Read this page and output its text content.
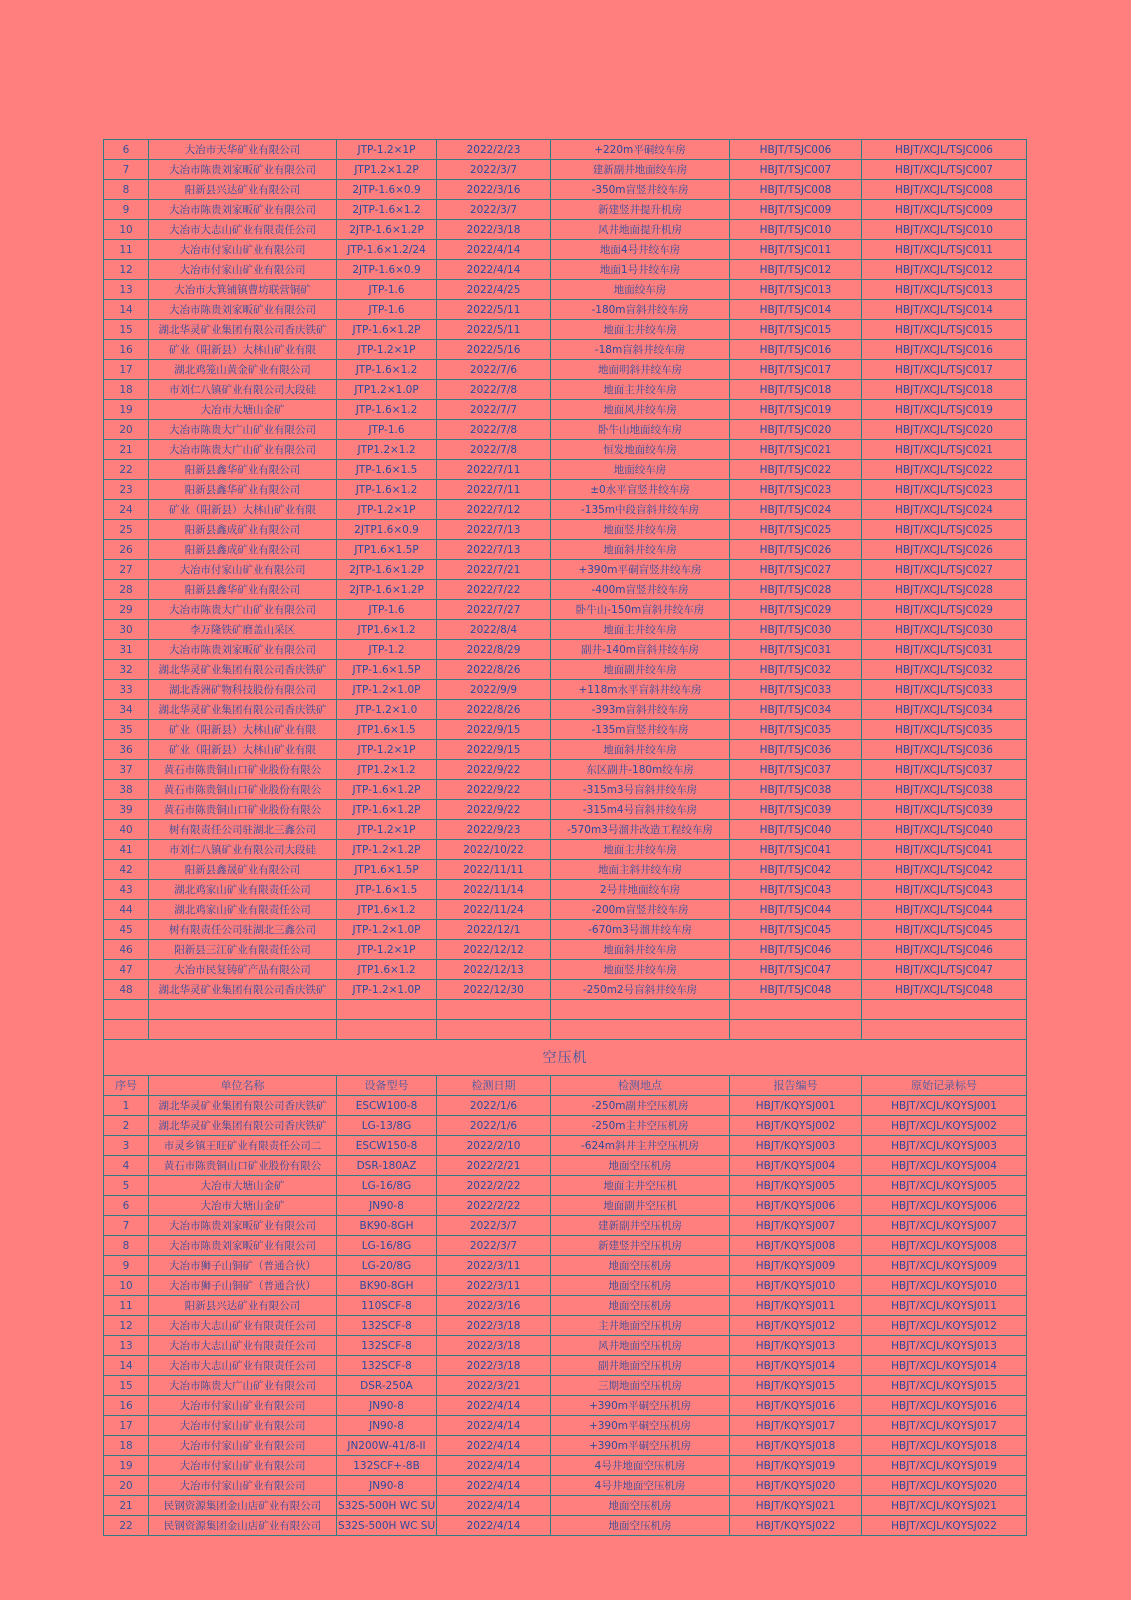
6	大冶市天华矿业有限公司	JTP-1.2×1P	2022/2/23	+220m平硐绞车房	HBJT/TSJC006	HBJT/XCJL/TSJC006
7	大冶市陈贵刘家畈矿业有限公司	JTP1.2×1.2P	2022/3/7	建新副井地面绞车房	HBJT/TSJC007	HBJT/XCJL/TSJC007
8	阳新县兴达矿业有限公司	2JTP-1.6×0.9	2022/3/16	-350m盲竖井绞车房	HBJT/TSJC008	HBJT/XCJL/TSJC008
9	大冶市陈贵刘家畈矿业有限公司	2JTP-1.6×1.2	2022/3/7	新建竖井提升机房	HBJT/TSJC009	HBJT/XCJL/TSJC009
10	大冶市大志山矿业有限责任公司	2JTP-1.6×1.2P	2022/3/18	风井地面提升机房	HBJT/TSJC010	HBJT/XCJL/TSJC010
11	大冶市付家山矿业有限公司	JTP-1.6×1.2/24	2022/4/14	地面4号井绞车房	HBJT/TSJC011	HBJT/XCJL/TSJC011
12	大冶市付家山矿业有限公司	2JTP-1.6×0.9	2022/4/14	地面1号井绞车房	HBJT/TSJC012	HBJT/XCJL/TSJC012
13	大冶市大箕铺镇曹坊联营铜矿	JTP-1.6	2022/4/25	地面绞车房	HBJT/TSJC013	HBJT/XCJL/TSJC013
14	大冶市陈贵刘家畈矿业有限公司	JTP-1.6	2022/5/11	-180m盲斜井绞车房	HBJT/TSJC014	HBJT/XCJL/TSJC014
15	湖北华灵矿业集团有限公司香庆铁矿	JTP-1.6×1.2P	2022/5/11	地面主井绞车房	HBJT/TSJC015	HBJT/XCJL/TSJC015
16	矿业（阳新县）大林山矿业有限	JTP-1.2×1P	2022/5/16	-18m盲斜井绞车房	HBJT/TSJC016	HBJT/XCJL/TSJC016
17	湖北鸡笼山黄金矿业有限公司	JTP-1.6×1.2	2022/7/6	地面明斜井绞车房	HBJT/TSJC017	HBJT/XCJL/TSJC017
18	市刘仁八镇矿业有限公司大段硅	JTP1.2×1.0P	2022/7/8	地面主井绞车房	HBJT/TSJC018	HBJT/XCJL/TSJC018
19	大冶市大塘山金矿	JTP-1.6×1.2	2022/7/7	地面风井绞车房	HBJT/TSJC019	HBJT/XCJL/TSJC019
20	大冶市陈贵大广山矿业有限公司	JTP-1.6	2022/7/8	卧牛山地面绞车房	HBJT/TSJC020	HBJT/XCJL/TSJC020
21	大冶市陈贵大广山矿业有限公司	JTP1.2×1.2	2022/7/8	恒发地面绞车房	HBJT/TSJC021	HBJT/XCJL/TSJC021
22	阳新县鑫华矿业有限公司	JTP-1.6×1.5	2022/7/11	地面绞车房	HBJT/TSJC022	HBJT/XCJL/TSJC022
23	阳新县鑫华矿业有限公司	JTP-1.6×1.2	2022/7/11	±0水平盲竖井绞车房	HBJT/TSJC023	HBJT/XCJL/TSJC023
24	矿业（阳新县）大林山矿业有限	JTP-1.2×1P	2022/7/12	-135m中段盲斜井绞车房	HBJT/TSJC024	HBJT/XCJL/TSJC024
25	阳新县鑫成矿业有限公司	2JTP1.6×0.9	2022/7/13	地面竖井绞车房	HBJT/TSJC025	HBJT/XCJL/TSJC025
26	阳新县鑫成矿业有限公司	JTP1.6×1.5P	2022/7/13	地面斜井绞车房	HBJT/TSJC026	HBJT/XCJL/TSJC026
27	大冶市付家山矿业有限公司	2JTP-1.6×1.2P	2022/7/21	+390m平硐盲竖井绞车房	HBJT/TSJC027	HBJT/XCJL/TSJC027
28	阳新县鑫华矿业有限公司	2JTP-1.6×1.2P	2022/7/22	-400m盲竖井绞车房	HBJT/TSJC028	HBJT/XCJL/TSJC028
29	大冶市陈贵大广山矿业有限公司	JTP-1.6	2022/7/27	卧牛山-150m盲斜井绞车房	HBJT/TSJC029	HBJT/XCJL/TSJC029
30	李万隆铁矿磨盖山采区	JTP1.6×1.2	2022/8/4	地面主井绞车房	HBJT/TSJC030	HBJT/XCJL/TSJC030
31	大冶市陈贵刘家畈矿业有限公司	JTP-1.2	2022/8/29	副井-140m盲斜井绞车房	HBJT/TSJC031	HBJT/XCJL/TSJC031
32	湖北华灵矿业集团有限公司香庆铁矿	JTP-1.6×1.5P	2022/8/26	地面副井绞车房	HBJT/TSJC032	HBJT/XCJL/TSJC032
33	湖北香洲矿物科技股份有限公司	JTP-1.2×1.0P	2022/9/9	+118m水平盲斜井绞车房	HBJT/TSJC033	HBJT/XCJL/TSJC033
34	湖北华灵矿业集团有限公司香庆铁矿	JTP-1.2×1.0	2022/8/26	-393m盲斜井绞车房	HBJT/TSJC034	HBJT/XCJL/TSJC034
35	矿业（阳新县）大林山矿业有限	JTP1.6×1.5	2022/9/15	-135m盲竖井绞车房	HBJT/TSJC035	HBJT/XCJL/TSJC035
36	矿业（阳新县）大林山矿业有限	JTP-1.2×1P	2022/9/15	地面斜井绞车房	HBJT/TSJC036	HBJT/XCJL/TSJC036
37	黄石市陈贵铜山口矿业股份有限公	JTP1.2×1.2	2022/9/22	东区副井-180m绞车房	HBJT/TSJC037	HBJT/XCJL/TSJC037
38	黄石市陈贵铜山口矿业股份有限公	JTP-1.6×1.2P	2022/9/22	-315m3号盲斜井绞车房	HBJT/TSJC038	HBJT/XCJL/TSJC038
39	黄石市陈贵铜山口矿业股份有限公	JTP-1.6×1.2P	2022/9/22	-315m4号盲斜井绞车房	HBJT/TSJC039	HBJT/XCJL/TSJC039
40	树有限责任公司驻湖北三鑫公司	JTP-1.2×1P	2022/9/23	-570m3号溜井改造工程绞车房	HBJT/TSJC040	HBJT/XCJL/TSJC040
41	市刘仁八镇矿业有限公司大段硅	JTP-1.2×1.2P	2022/10/22	地面主井绞车房	HBJT/TSJC041	HBJT/XCJL/TSJC041
42	阳新县鑫晟矿业有限公司	JTP1.6×1.5P	2022/11/11	地面主斜井绞车房	HBJT/TSJC042	HBJT/XCJL/TSJC042
43	湖北鸡家山矿业有限责任公司	JTP-1.6×1.5	2022/11/14	2号井地面绞车房	HBJT/TSJC043	HBJT/XCJL/TSJC043
44	湖北鸡家山矿业有限责任公司	JTP1.6×1.2	2022/11/24	-200m盲竖井绞车房	HBJT/TSJC044	HBJT/XCJL/TSJC044
45	树有限责任公司驻湖北三鑫公司	JTP-1.2×1.0P	2022/12/1	-670m3号溜井绞车房	HBJT/TSJC045	HBJT/XCJL/TSJC045
46	阳新县三江矿业有限责任公司	JTP-1.2×1P	2022/12/12	地面斜井绞车房	HBJT/TSJC046	HBJT/XCJL/TSJC046
47	大冶市民复铸矿产品有限公司	JTP1.6×1.2	2022/12/13	地面竖井绞车房	HBJT/TSJC047	HBJT/XCJL/TSJC047
48	湖北华灵矿业集团有限公司香庆铁矿	JTP-1.2×1.0P	2022/12/30	-250m2号盲斜井绞车房	HBJT/TSJC048	HBJT/XCJL/TSJC048

空压机						
序号	单位名称	设备型号	检测日期	检测地点	报告编号	原始记录标号
1	湖北华灵矿业集团有限公司香庆铁矿	ESCW100-8	2022/1/6	-250m副井空压机房	HBJT/KQYSJ001	HBJT/XCJL/KQYSJ001
2	湖北华灵矿业集团有限公司香庆铁矿	LG-13/8G	2022/1/6	-250m主井空压机房	HBJT/KQYSJ002	HBJT/XCJL/KQYSJ002
3	市灵乡镇王旺矿业有限责任公司二	ESCW150-8	2022/2/10	-624m斜井主井空压机房	HBJT/KQYSJ003	HBJT/XCJL/KQYSJ003
4	黄石市陈贵铜山口矿业股份有限公	DSR-180AZ	2022/2/21	地面空压机房	HBJT/KQYSJ004	HBJT/XCJL/KQYSJ004
5	大冶市大塘山金矿	LG-16/8G	2022/2/22	地面主井空压机	HBJT/KQYSJ005	HBJT/XCJL/KQYSJ005
6	大冶市大塘山金矿	JN90-8	2022/2/22	地面副井空压机	HBJT/KQYSJ006	HBJT/XCJL/KQYSJ006
7	大冶市陈贵刘家畈矿业有限公司	BK90-8GH	2022/3/7	建新副井空压机房	HBJT/KQYSJ007	HBJT/XCJL/KQYSJ007
8	大冶市陈贵刘家畈矿业有限公司	LG-16/8G	2022/3/7	新建竖井空压机房	HBJT/KQYSJ008	HBJT/XCJL/KQYSJ008
9	大冶市狮子山铜矿（普通合伙）	LG-20/8G	2022/3/11	地面空压机房	HBJT/KQYSJ009	HBJT/XCJL/KQYSJ009
10	大冶市狮子山铜矿（普通合伙）	BK90-8GH	2022/3/11	地面空压机房	HBJT/KQYSJ010	HBJT/XCJL/KQYSJ010
11	阳新县兴达矿业有限公司	110SCF-8	2022/3/16	地面空压机房	HBJT/KQYSJ011	HBJT/XCJL/KQYSJ011
12	大冶市大志山矿业有限责任公司	132SCF-8	2022/3/18	主井地面空压机房	HBJT/KQYSJ012	HBJT/XCJL/KQYSJ012
13	大冶市大志山矿业有限责任公司	132SCF-8	2022/3/18	风井地面空压机房	HBJT/KQYSJ013	HBJT/XCJL/KQYSJ013
14	大冶市大志山矿业有限责任公司	132SCF-8	2022/3/18	副井地面空压机房	HBJT/KQYSJ014	HBJT/XCJL/KQYSJ014
15	大冶市陈贵大广山矿业有限公司	DSR-250A	2022/3/21	三期地面空压机房	HBJT/KQYSJ015	HBJT/XCJL/KQYSJ015
16	大冶市付家山矿业有限公司	JN90-8	2022/4/14	+390m平硐空压机房	HBJT/KQYSJ016	HBJT/XCJL/KQYSJ016
17	大冶市付家山矿业有限公司	JN90-8	2022/4/14	+390m平硐空压机房	HBJT/KQYSJ017	HBJT/XCJL/KQYSJ017
18	大冶市付家山矿业有限公司	JN200W-41/8-II	2022/4/14	+390m平硐空压机房	HBJT/KQYSJ018	HBJT/XCJL/KQYSJ018
19	大冶市付家山矿业有限公司	132SCF+-8B	2022/4/14	4号井地面空压机房	HBJT/KQYSJ019	HBJT/XCJL/KQYSJ019
20	大冶市付家山矿业有限公司	JN90-8	2022/4/14	4号井地面空压机房	HBJT/KQYSJ020	HBJT/XCJL/KQYSJ020
21	民钢资源集团金山店矿业有限公司	S32S-500H WC SU	2022/4/14	地面空压机房	HBJT/KQYSJ021	HBJT/XCJL/KQYSJ021
22	民钢资源集团金山店矿业有限公司	S32S-500H WC SU	2022/4/14	地面空压机房	HBJT/KQYSJ022	HBJT/XCJL/KQYSJ022
